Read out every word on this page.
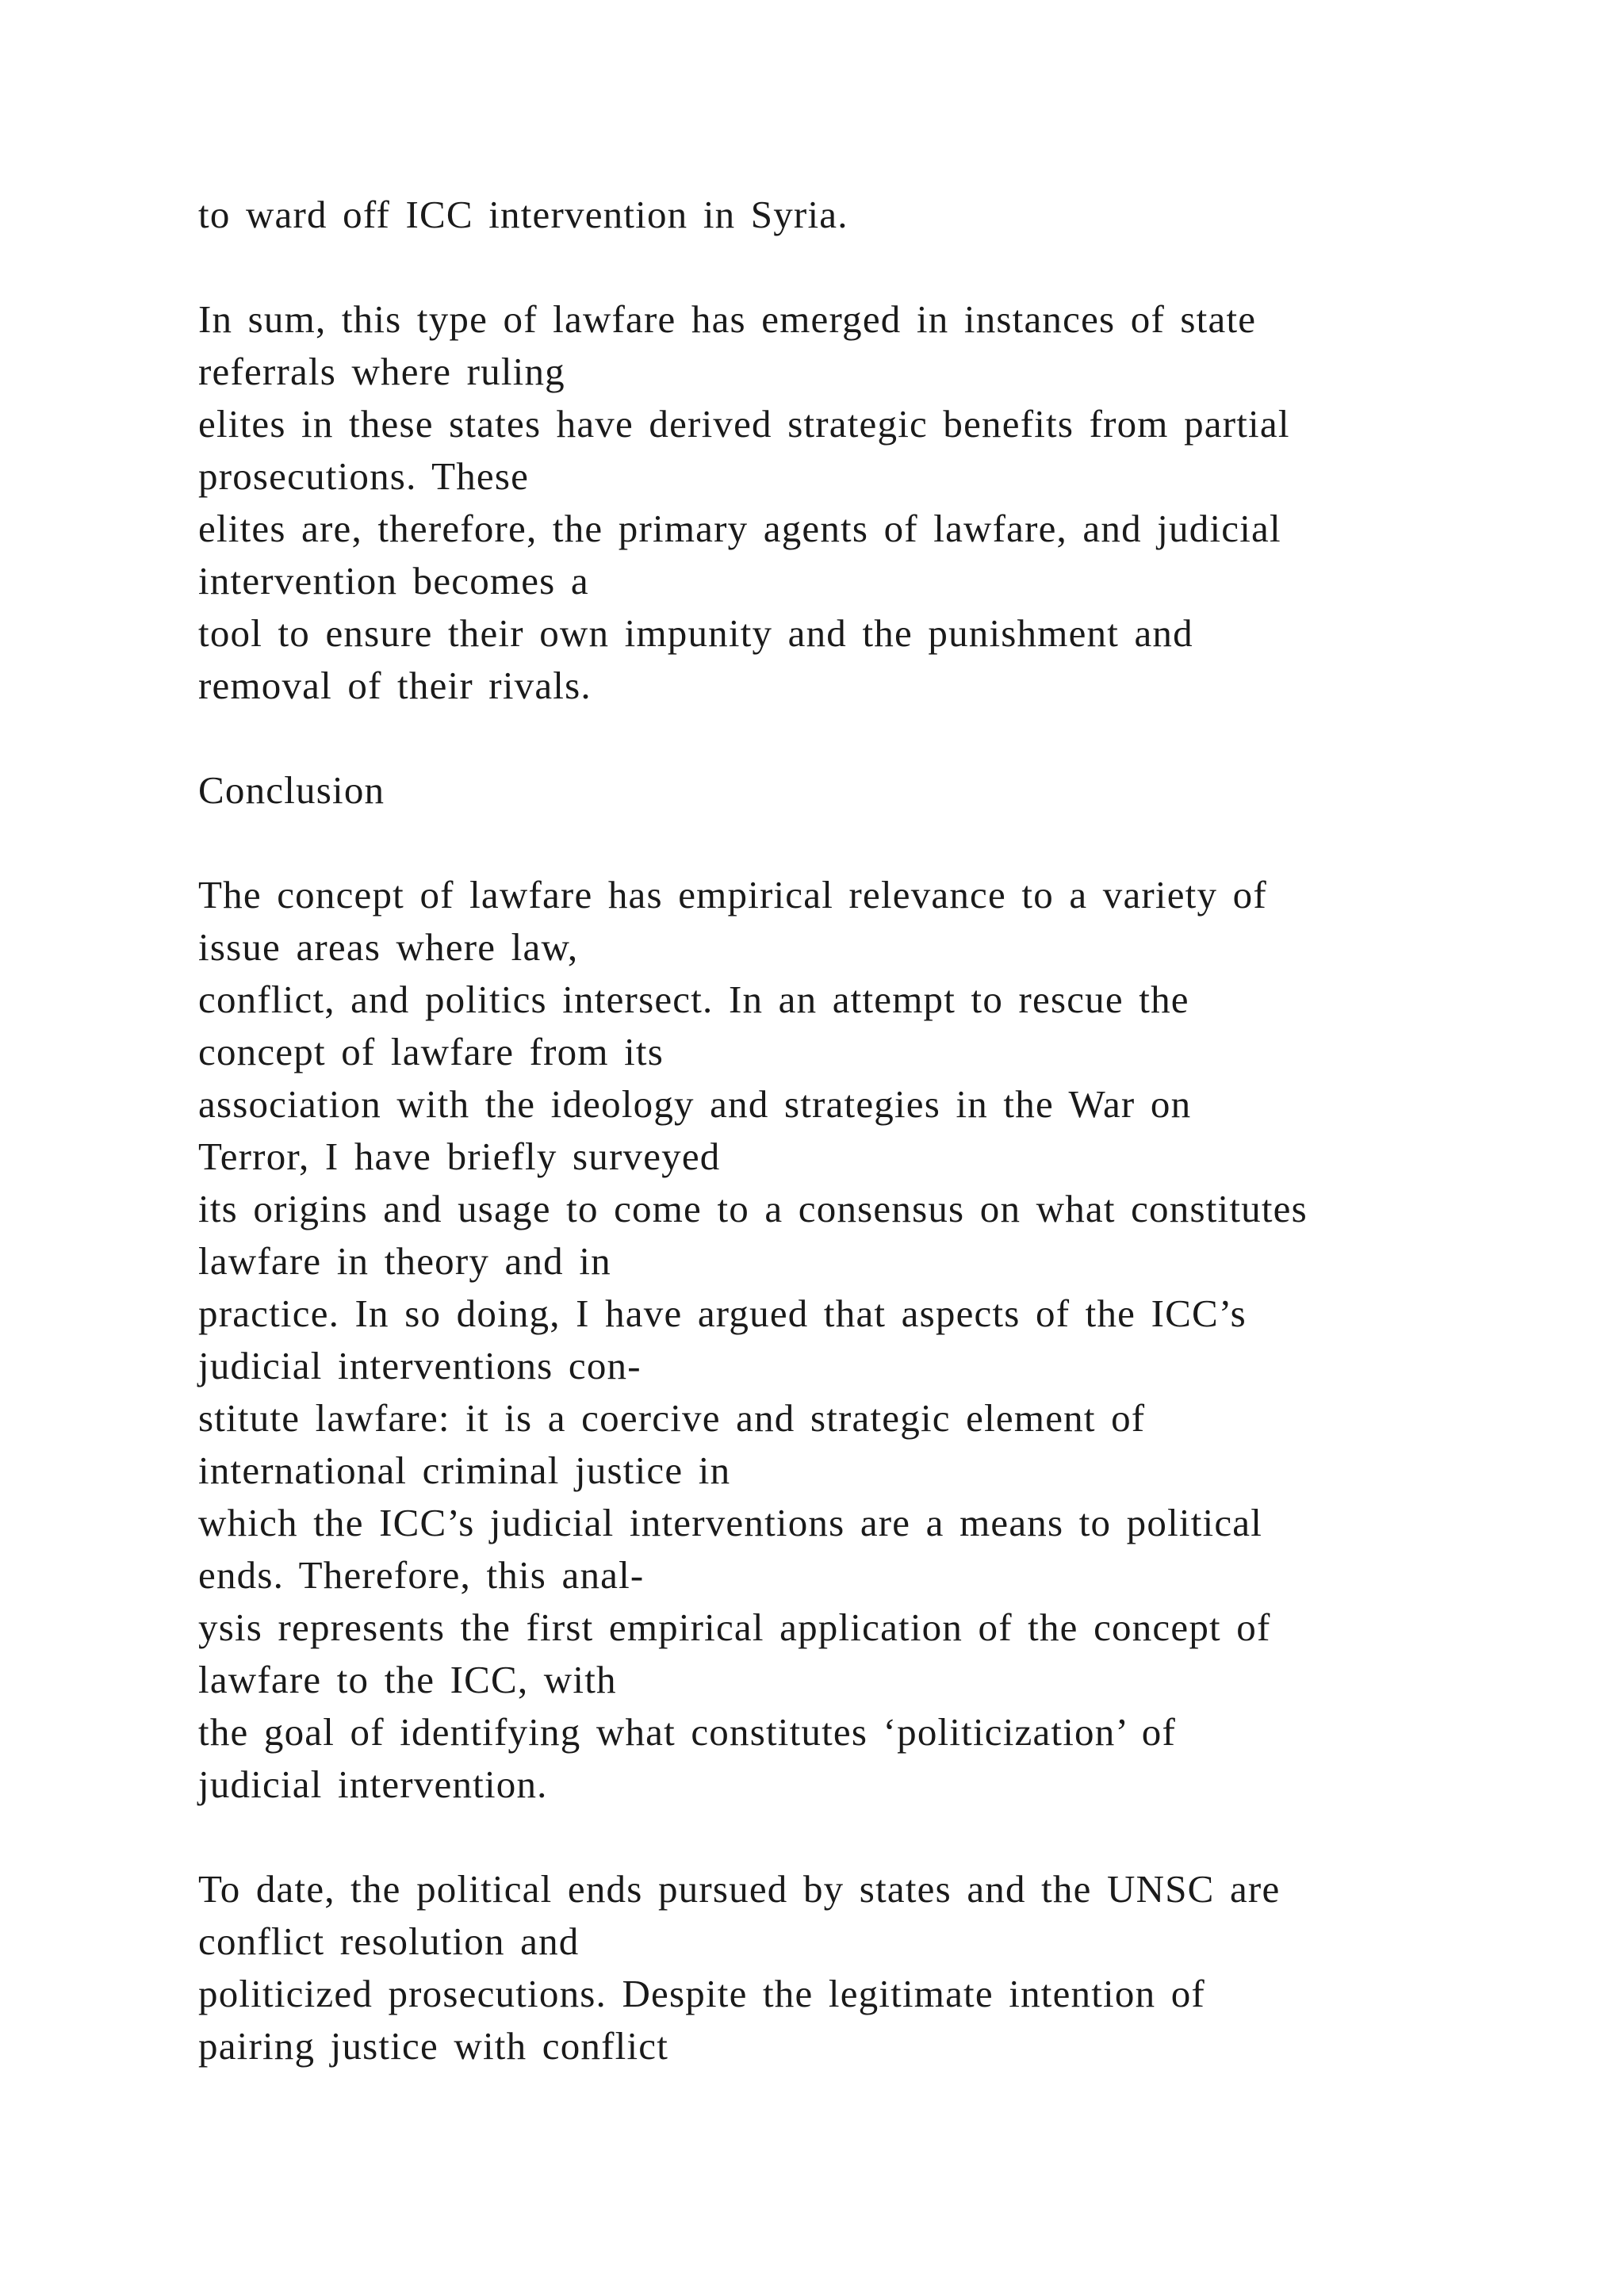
to ward off ICC intervention in Syria.
In sum, this type of lawfare has emerged in instances of state
referrals where ruling
elites in these states have derived strategic benefits from partial
prosecutions. These
elites are, therefore, the primary agents of lawfare, and judicial
intervention becomes a
tool to ensure their own impunity and the punishment and
removal of their rivals.
Conclusion
The concept of lawfare has empirical relevance to a variety of
issue areas where law,
conflict, and politics intersect. In an attempt to rescue the
concept of lawfare from its
association with the ideology and strategies in the War on
Terror, I have briefly surveyed
its origins and usage to come to a consensus on what constitutes
lawfare in theory and in
practice. In so doing, I have argued that aspects of the ICC’s
judicial interventions con-
stitute lawfare: it is a coercive and strategic element of
international criminal justice in
which the ICC’s judicial interventions are a means to political
ends. Therefore, this anal-
ysis represents the first empirical application of the concept of
lawfare to the ICC, with
the goal of identifying what constitutes ‘politicization’ of
judicial intervention.
To date, the political ends pursued by states and the UNSC are
conflict resolution and
politicized prosecutions. Despite the legitimate intention of
pairing justice with conflict
